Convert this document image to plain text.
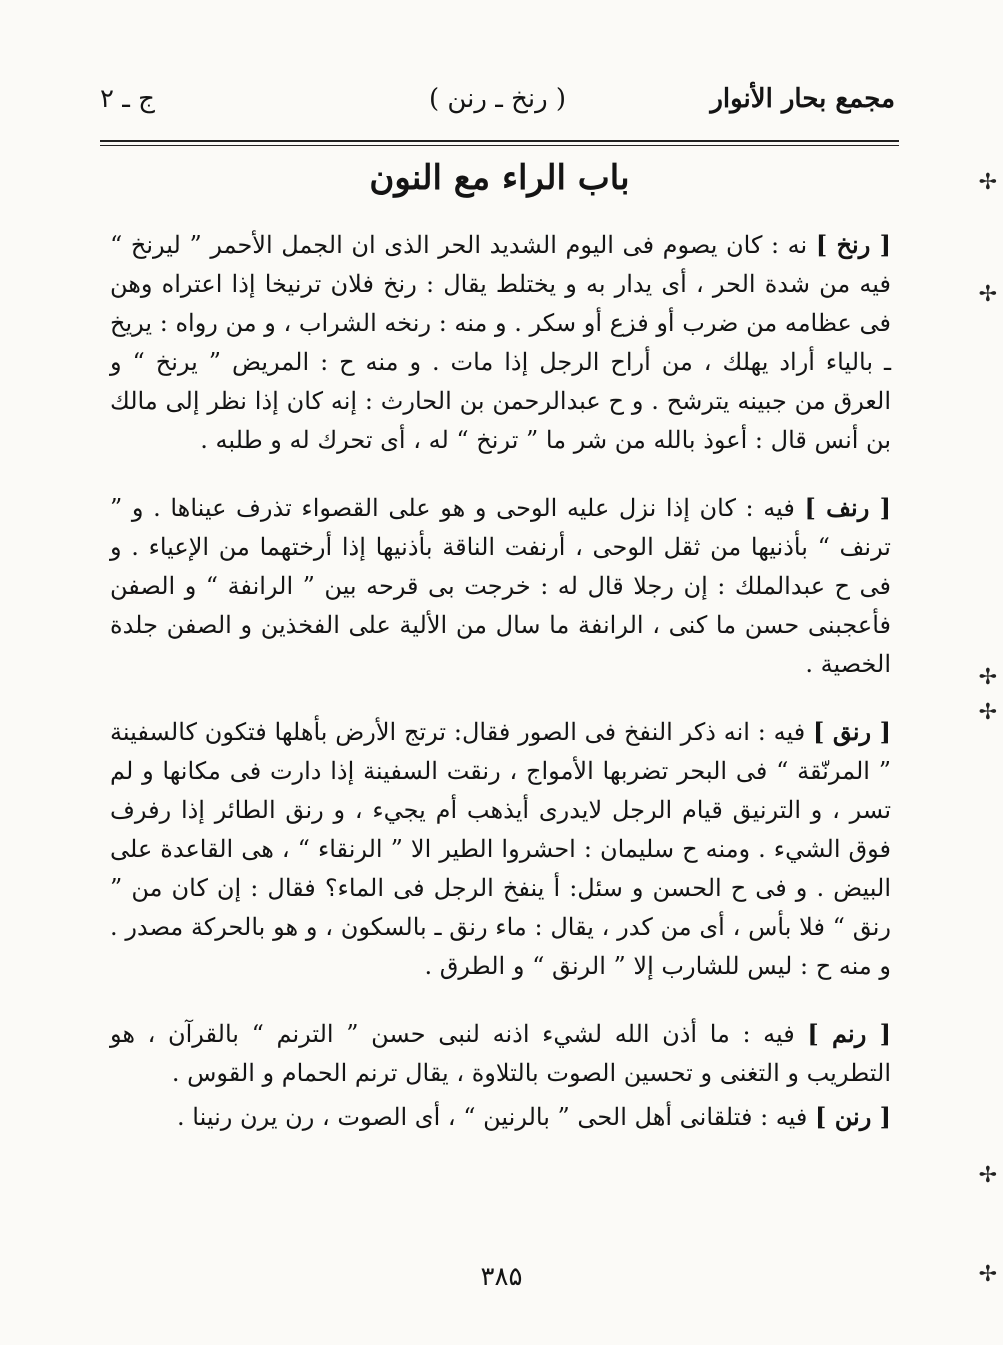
مجمع بحار الأنوار
( رنخ ـ رنن )
ج ـ ۲
باب الراء مع النون

[ رنخ ] نه : كان يصوم فى اليوم الشديد الحر الذى ان الجمل الأحمر ” ليرنخ “ فيه من شدة الحر ، أى يدار به و يختلط يقال : رنخ فلان ترنيخا إذا اعتراه وهن فى عظامه من ضرب أو فزع أو سكر . و منه : رنخه الشراب ، و من رواه : يريخ ـ بالياء أراد يهلك ، من أراح الرجل إذا مات . و منه ح : المريض ” يرنخ “ و العرق من جبينه يترشح . و ح عبدالرحمن بن الحارث : إنه كان إذا نظر إلى مالك بن أنس قال : أعوذ بالله من شر ما ” ترنخ “ له ، أى تحرك له و طلبه .

[ رنف ] فيه : كان إذا نزل عليه الوحى و هو على القصواء تذرف عيناها . و ” ترنف “ بأذنيها من ثقل الوحى ، أرنفت الناقة بأذنيها إذا أرختهما من الإعياء . و فى ح عبدالملك : إن رجلا قال له : خرجت بى قرحه بين ” الرانفة “ و الصفن فأعجبنى حسن ما كنى ، الرانفة ما سال من الألية على الفخذين و الصفن جلدة الخصية .

[ رنق ] فيه : انه ذكر النفخ فى الصور فقال: ترتج الأرض بأهلها فتكون كالسفينة ” المرنّقة “ فى البحر تضربها الأمواج ، رنقت السفينة إذا دارت فى مكانها و لم تسر ، و الترنيق قيام الرجل لايدرى أيذهب أم يجيء ، و رنق الطائر إذا رفرف فوق الشيء . ومنه ح سليمان : احشروا الطير الا ” الرنقاء “ ، هى القاعدة على البيض . و فى ح الحسن و سئل: أ ينفخ الرجل فى الماء؟ فقال : إن كان من ” رنق “ فلا بأس ، أى من كدر ، يقال : ماء رنق ـ بالسكون ، و هو بالحركة مصدر . و منه ح : ليس للشارب إلا ” الرنق “ و الطرق .

[ رنم ] فيه : ما أذن الله لشيء اذنه لنبى حسن ” الترنم “ بالقرآن ، هو التطريب و التغنى و تحسين الصوت بالتلاوة ، يقال ترنم الحمام و القوس .

[ رنن ] فيه : فتلقانى أهل الحى ” بالرنين “ ، أى الصوت ، رن يرن رنينا .

۳۸۵
✢
✢
✢
✢
✢
✢
